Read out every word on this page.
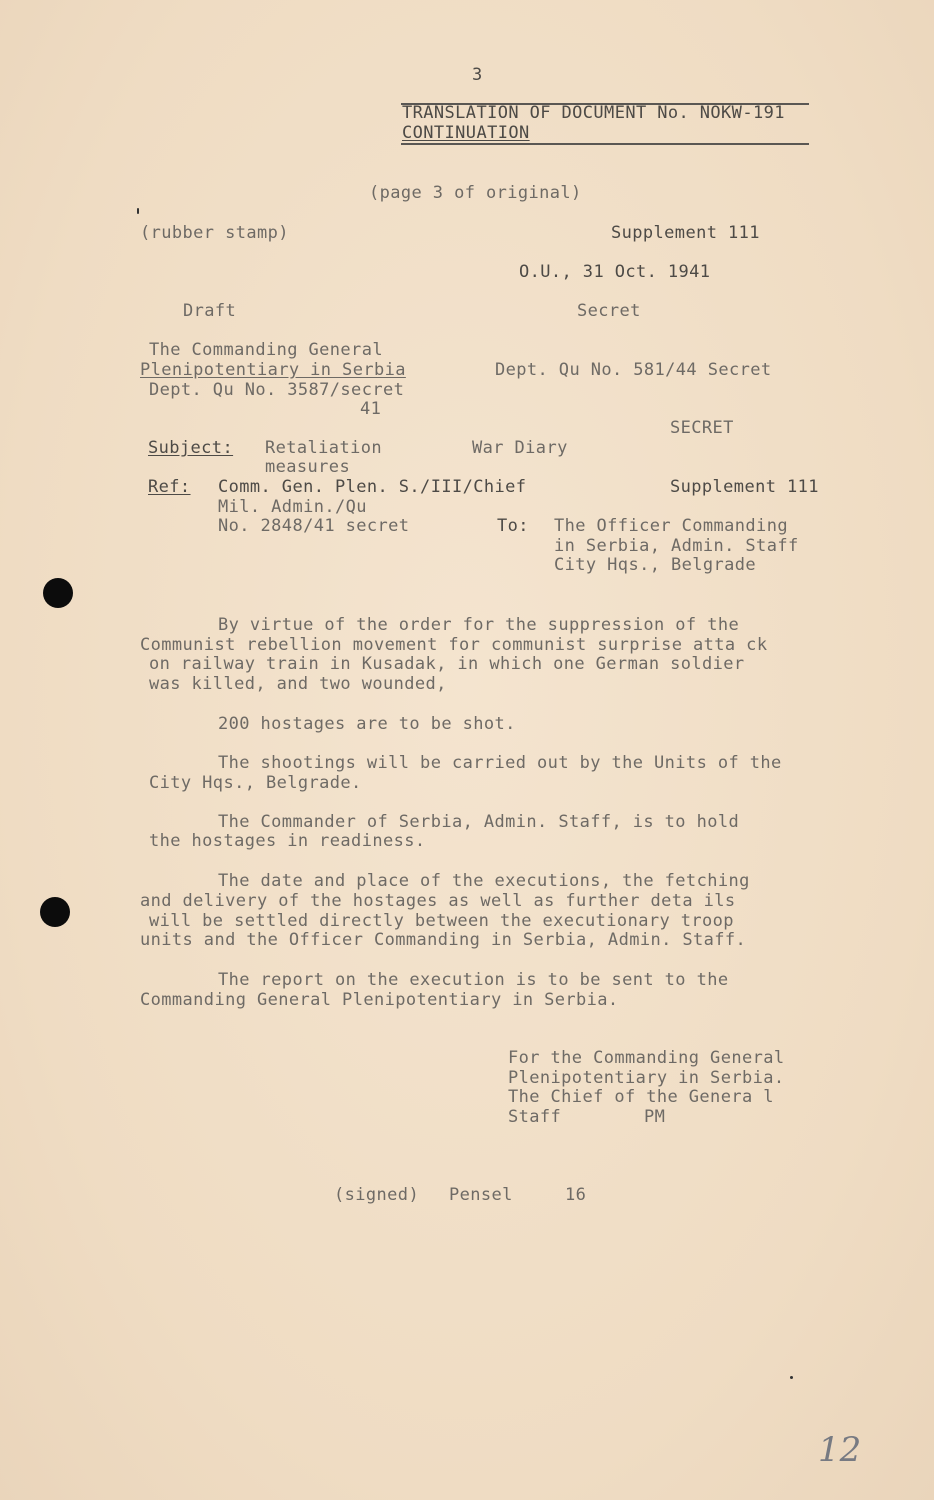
3
TRANSLATION OF DOCUMENT No. NOKW-191
CONTINUATION
(page 3 of original)
(rubber stamp)	Supplement 111
O.U., 31 Oct. 1941
Draft	Secret
The Commanding General
Plenipotentiary in Serbia
Dept. Qu No. 3587/secret
41
Dept. Qu No. 581/44 Secret
SECRET
Subject: Retaliation
measures
War Diary
Ref: Comm. Gen. Plen. S./III/Chief
Mil. Admin./Qu
No. 2848/41 secret
Supplement 111
To: The Officer Commanding
in Serbia, Admin. Staff
City Hqs., Belgrade
By virtue of the order for the suppression of the
Communist rebellion movement for communist surprise atta ck
on railway train in Kusadak, in which one German soldier
was killed, and two wounded,
200 hostages are to be shot.
The shootings will be carried out by the Units of the
City Hqs., Belgrade.
The Commander of Serbia, Admin. Staff, is to hold
the hostages in readiness.
The date and place of the executions, the fetching
and delivery of the hostages as well as further deta ils
will be settled directly between the executionary troop
units and the Officer Commanding in Serbia, Admin. Staff.
The report on the execution is to be sent to the
Commanding General Plenipotentiary in Serbia.
For the Commanding General
Plenipotentiary in Serbia.
The Chief of the Genera l
Staff	PM
(signed) Pensel	16
12
